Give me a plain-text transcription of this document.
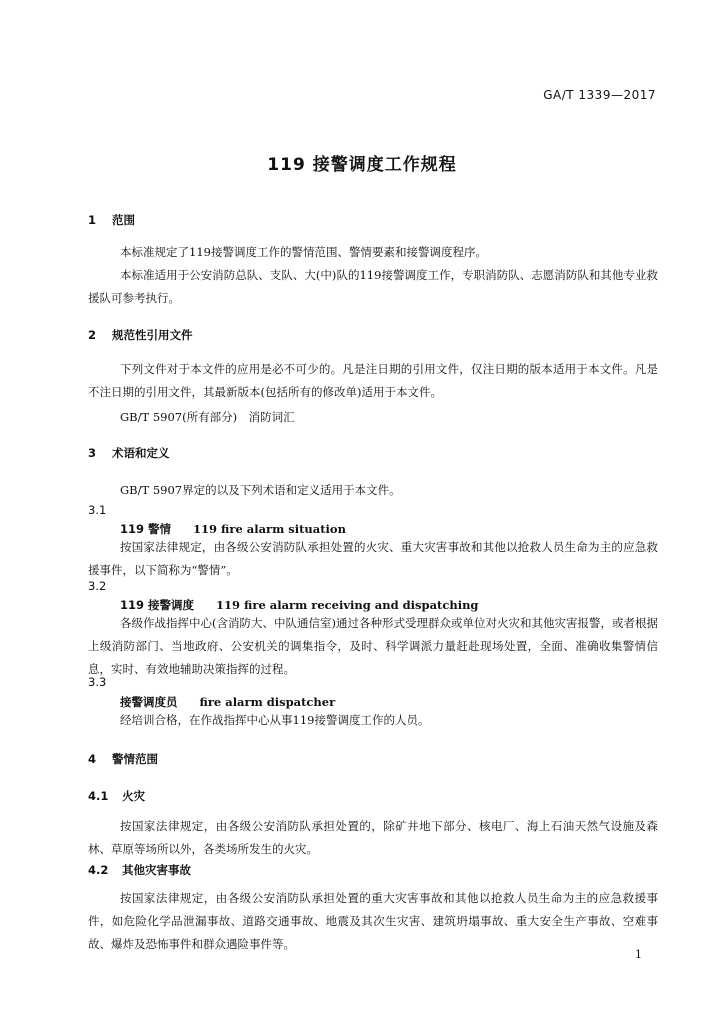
GA/T 1339—2017
119 接警调度工作规程
1 范围

本标准规定了119接警调度工作的警情范围、警情要素和接警调度程序。

本标准适用于公安消防总队、支队、大(中)队的119接警调度工作，专职消防队、志愿消防队和其他专业救援队可参考执行。

2 规范性引用文件

下列文件对于本文件的应用是必不可少的。凡是注日期的引用文件，仅注日期的版本适用于本文件。凡是不注日期的引用文件，其最新版本(包括所有的修改单)适用于本文件。

GB/T 5907(所有部分)　消防词汇
3 术语和定义
GB/T 5907界定的以及下列术语和定义适用于本文件。
3.1
119 警情 119 fire alarm situation

按国家法律规定，由各级公安消防队承担处置的火灾、重大灾害事故和其他以抢救人员生命为主的应急救援事件，以下简称为“警情”。

3.2
119 接警调度 119 fire alarm receiving and dispatching

各级作战指挥中心(含消防大、中队通信室)通过各种形式受理群众或单位对火灾和其他灾害报警，或者根据上级消防部门、当地政府、公安机关的调集指令，及时、科学调派力量赶赴现场处置，全面、准确收集警情信息，实时、有效地辅助决策指挥的过程。

3.3
接警调度员 fire alarm dispatcher

经培训合格，在作战指挥中心从事119接警调度工作的人员。

4 警情范围
4.1 火灾

按国家法律规定，由各级公安消防队承担处置的，除矿井地下部分、核电厂、海上石油天然气设施及森林、草原等场所以外，各类场所发生的火灾。

4.2 其他灾害事故

按国家法律规定，由各级公安消防队承担处置的重大灾害事故和其他以抢救人员生命为主的应急救援事件，如危险化学品泄漏事故、道路交通事故、地震及其次生灾害、建筑坍塌事故、重大安全生产事故、空难事故、爆炸及恐怖事件和群众遇险事件等。

1
